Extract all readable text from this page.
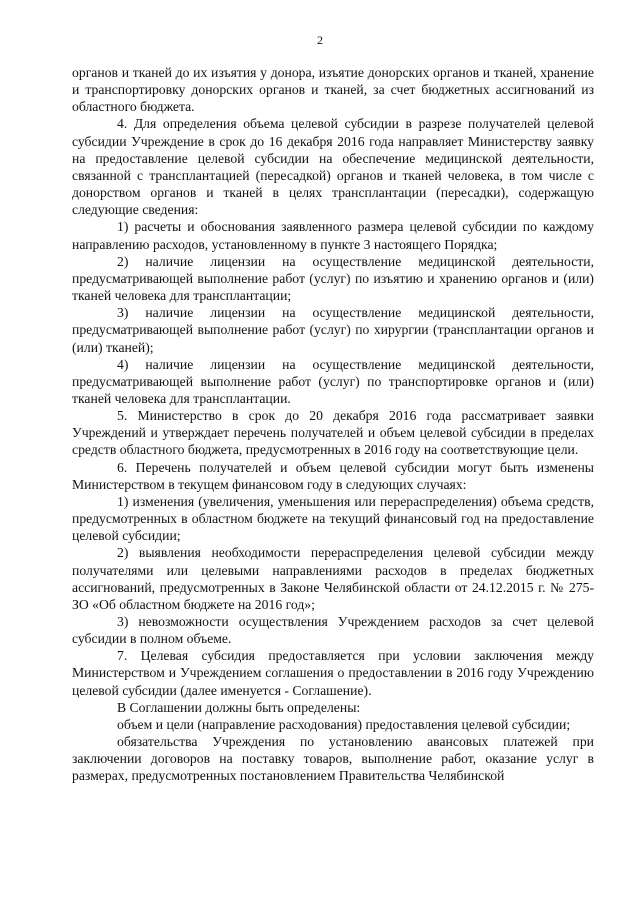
2

органов и тканей до их изъятия у донора, изъятие донорских органов и тканей, хранение и транспортировку донорских органов и тканей, за счет бюджетных ассигнований из областного бюджета.

4. Для определения объема целевой субсидии в разрезе получателей целевой субсидии Учреждение в срок до 16 декабря 2016 года направляет Министерству заявку на предоставление целевой субсидии на обеспечение медицинской деятельности, связанной с трансплантацией (пересадкой) органов и тканей человека, в том числе с донорством органов и тканей в целях трансплантации (пересадки), содержащую следующие сведения:

1) расчеты и обоснования заявленного размера целевой субсидии по каждому направлению расходов, установленному в пункте 3 настоящего Порядка;

2) наличие лицензии на осуществление медицинской деятельности, предусматривающей выполнение работ (услуг) по изъятию и хранению органов и (или) тканей человека для трансплантации;

3) наличие лицензии на осуществление медицинской деятельности, предусматривающей выполнение работ (услуг) по хирургии (трансплантации органов и (или) тканей);

4) наличие лицензии на осуществление медицинской деятельности, предусматривающей выполнение работ (услуг) по транспортировке органов и (или) тканей человека для трансплантации.

5. Министерство в срок до 20 декабря 2016 года рассматривает заявки Учреждений и утверждает перечень получателей и объем целевой субсидии в пределах средств областного бюджета, предусмотренных в 2016 году на соответствующие цели.

6. Перечень получателей и объем целевой субсидии могут быть изменены Министерством в текущем финансовом году в следующих случаях:

1) изменения (увеличения, уменьшения или перераспределения) объема средств, предусмотренных в областном бюджете на текущий финансовый год на предоставление целевой субсидии;

2) выявления необходимости перераспределения целевой субсидии между получателями или целевыми направлениями расходов в пределах бюджетных ассигнований, предусмотренных в Законе Челябинской области от 24.12.2015 г. № 275-ЗО «Об областном бюджете на 2016 год»;

3) невозможности осуществления Учреждением расходов за счет целевой субсидии в полном объеме.

7. Целевая субсидия предоставляется при условии заключения между Министерством и Учреждением соглашения о предоставлении в 2016 году Учреждению целевой субсидии (далее именуется - Соглашение).

В Соглашении должны быть определены:

объем и цели (направление расходования) предоставления целевой субсидии;

обязательства Учреждения по установлению авансовых платежей при заключении договоров на поставку товаров, выполнение работ, оказание услуг в размерах, предусмотренных постановлением Правительства Челябинской
